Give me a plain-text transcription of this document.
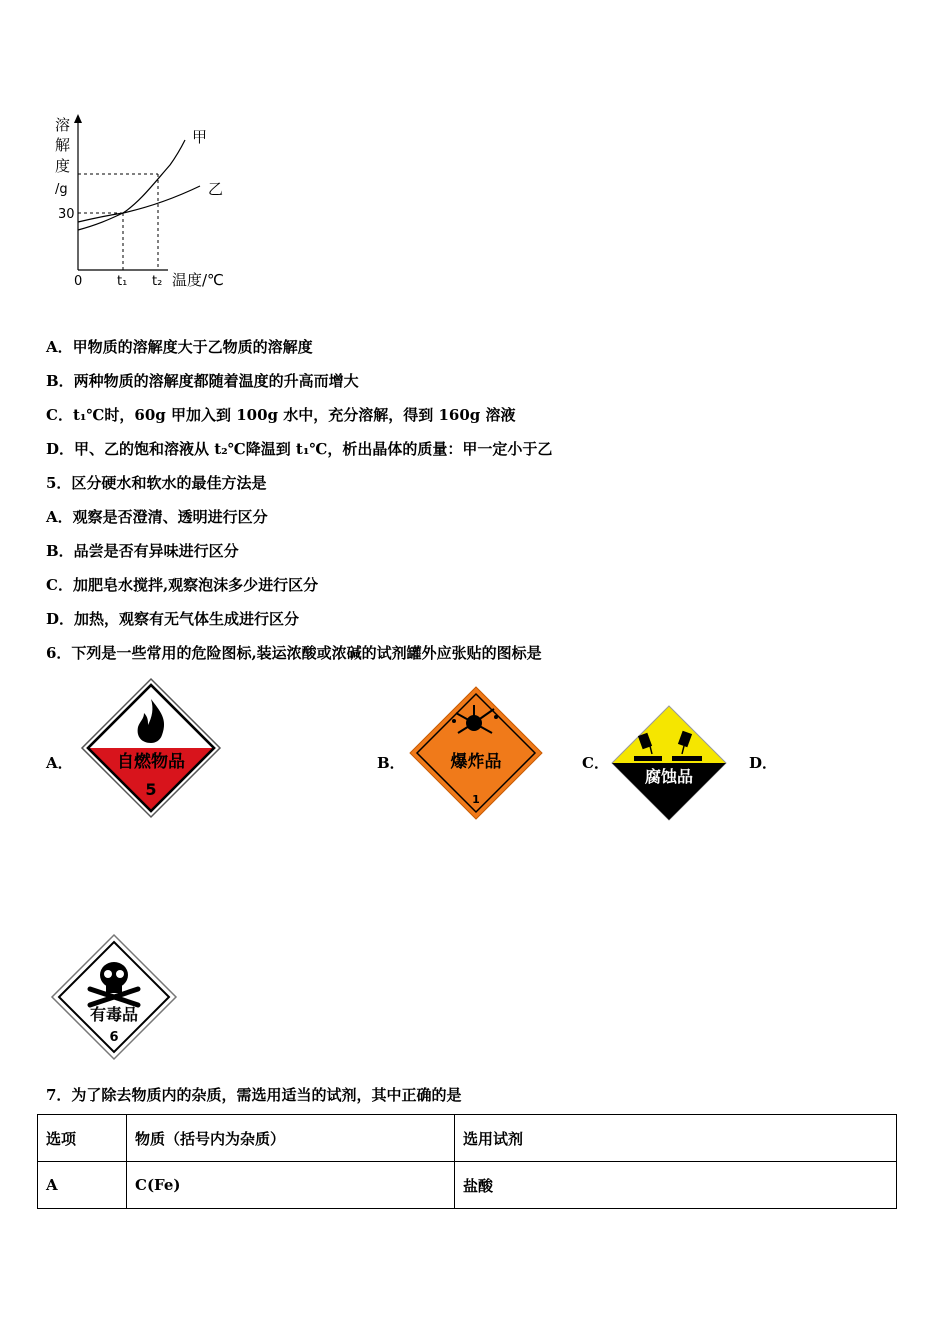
溶
解
度
/g
30
0	t₁ t₂ 温度/℃
甲
乙
A．甲物质的溶解度大于乙物质的溶解度
B．两种物质的溶解度都随着温度的升高而增大
C．t₁℃时，60g 甲加入到 100g 水中，充分溶解，得到 160g 溶液
D．甲、乙的饱和溶液从 t₂℃降温到 t₁℃，析出晶体的质量：甲一定小于乙
5．区分硬水和软水的最佳方法是
A．观察是否澄清、透明进行区分
B．品尝是否有异味进行区分
C．加肥皂水搅拌,观察泡沫多少进行区分
D．加热，观察有无气体生成进行区分
6．下列是一些常用的危险图标,装运浓酸或浓碱的试剂罐外应张贴的图标是
A．	B．	C．	D．
自燃物品
5
爆炸品
1
腐蚀品
有毒品
6
7．为了除去物质内的杂质，需选用适当的试剂，其中正确的是
选项	物质（括号内为杂质）	选用试剂
A	C(Fe)	盐酸
